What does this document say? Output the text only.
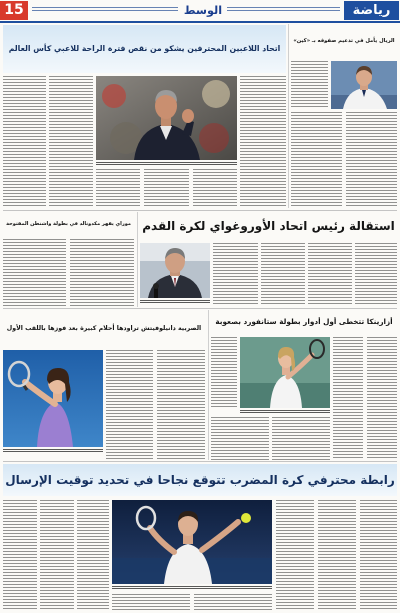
15	الوسط	رياضة
اتحاد اللاعبين المحترفين يشكو من نقص فترة الراحة للاعبي كأس العالم
الريال يأمل في تدعيم صفوفه بـ «كين»
موراي يقهر مكدونالد في بطولة واشنطن المفتوحة استقالة رئيس اتحاد الأوروغواي لكرة القدم
الصربية دانيلوفيتش تراودها أحلام كبيرة بعد فوزها باللقب الأول
أزارينكا تتخطى أول أدوار بطولة ستانفورد بصعوبة
رابطة محترفي كرة المضرب تتوقع نجاحا في تحديد توقيت الإرسال
